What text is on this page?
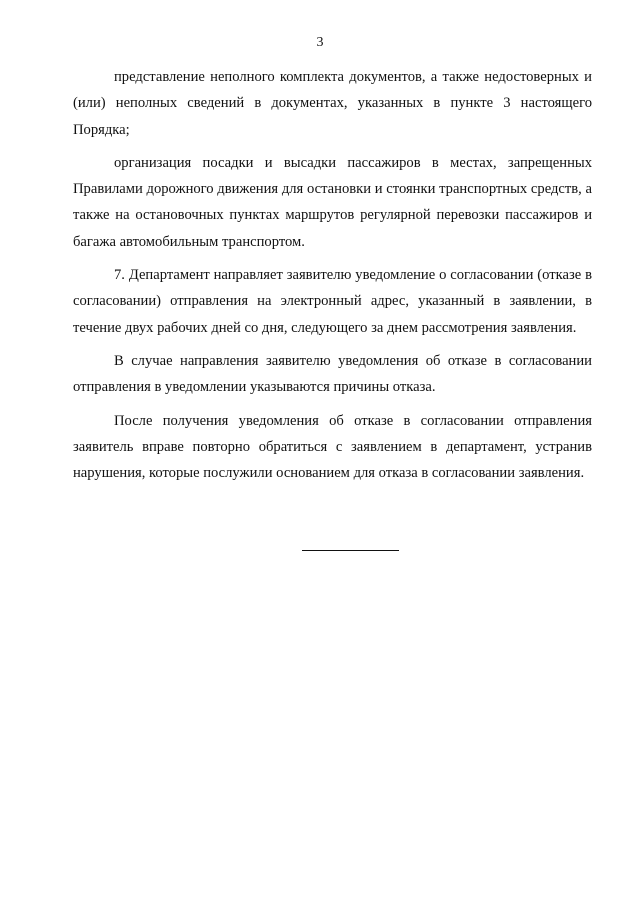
3

представление неполного комплекта документов, а также недостоверных и (или) неполных сведений в документах, указанных в пункте 3 настоящего Порядка;

организация посадки и высадки пассажиров в местах, запрещенных Правилами дорожного движения для остановки и стоянки транспортных средств, а также на остановочных пунктах маршрутов регулярной перевозки пассажиров и багажа автомобильным транспортом.

7. Департамент направляет заявителю уведомление о согласовании (отказе в согласовании) отправления на электронный адрес, указанный в заявлении, в течение двух рабочих дней со дня, следующего за днем рассмотрения заявления.

В случае направления заявителю уведомления об отказе в согласовании отправления в уведомлении указываются причины отказа.

После получения уведомления об отказе в согласовании отправления заявитель вправе повторно обратиться с заявлением в департамент, устранив нарушения, которые послужили основанием для отказа в согласовании заявления.
